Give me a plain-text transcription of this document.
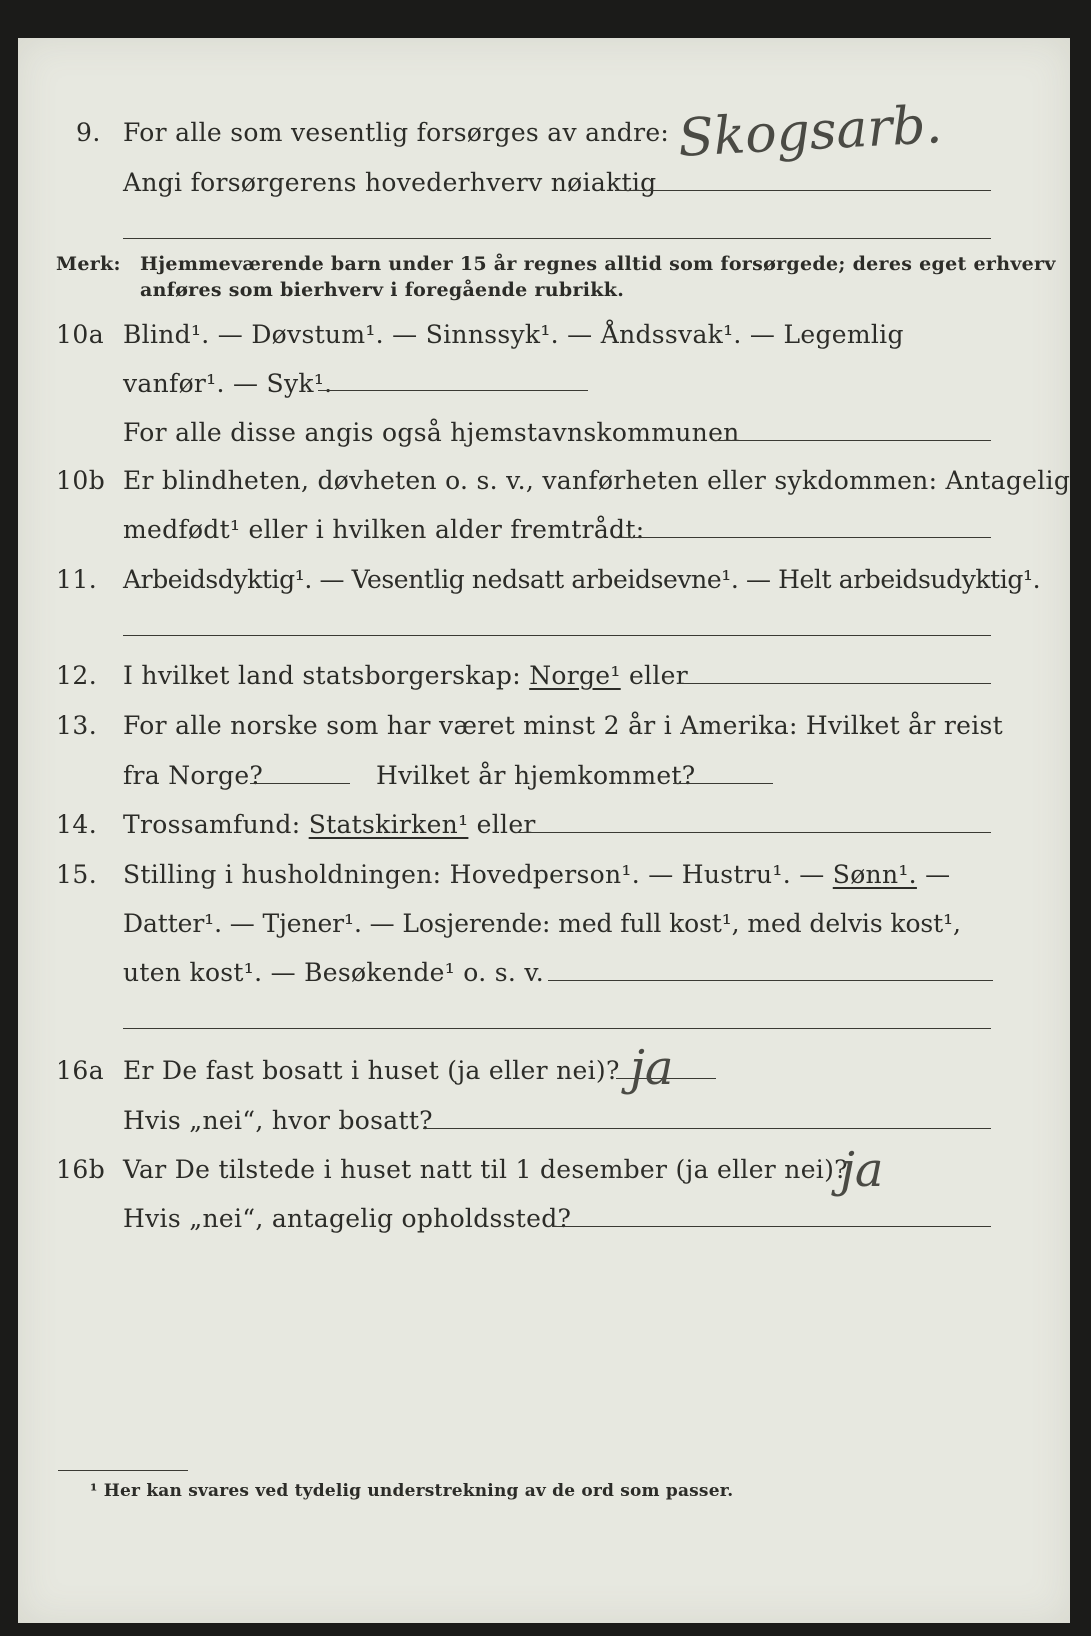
9. For alle som vesentlig forsørges av andre:
Angi forsørgerens hovederhverv nøiaktig
Skogsarb.
Merk: Hjemmeværende barn under 15 år regnes alltid som forsørgede; deres eget erhverv
anføres som bierhverv i foregående rubrikk.
10a Blind¹. — Døvstum¹. — Sinnssyk¹. — Åndssvak¹. — Legemlig
vanfør¹. — Syk¹.
For alle disse angis også hjemstavnskommunen
10b Er blindheten, døvheten o. s. v., vanførheten eller sykdommen: Antagelig
medfødt¹ eller i hvilken alder fremtrådt:
11. Arbeidsdyktig¹. — Vesentlig nedsatt arbeidsevne¹. — Helt arbeidsudyktig¹.
12. I hvilket land statsborgerskap: Norge¹ eller
13. For alle norske som har været minst 2 år i Amerika: Hvilket år reist
fra Norge?	Hvilket år hjemkommet?
14. Trossamfund: Statskirken¹ eller
15. Stilling i husholdningen: Hovedperson¹. — Hustru¹. — Sønn¹. —
Datter¹. — Tjener¹. — Losjerende: med full kost¹, med delvis kost¹,
uten kost¹. — Besøkende¹ o. s. v.
16a Er De fast bosatt i huset (ja eller nei)? ja
Hvis „nei“, hvor bosatt?
16b Var De tilstede i huset natt til 1 desember (ja eller nei)?
ja
Hvis „nei“, antagelig opholdssted?
¹ Her kan svares ved tydelig understrekning av de ord som passer.
